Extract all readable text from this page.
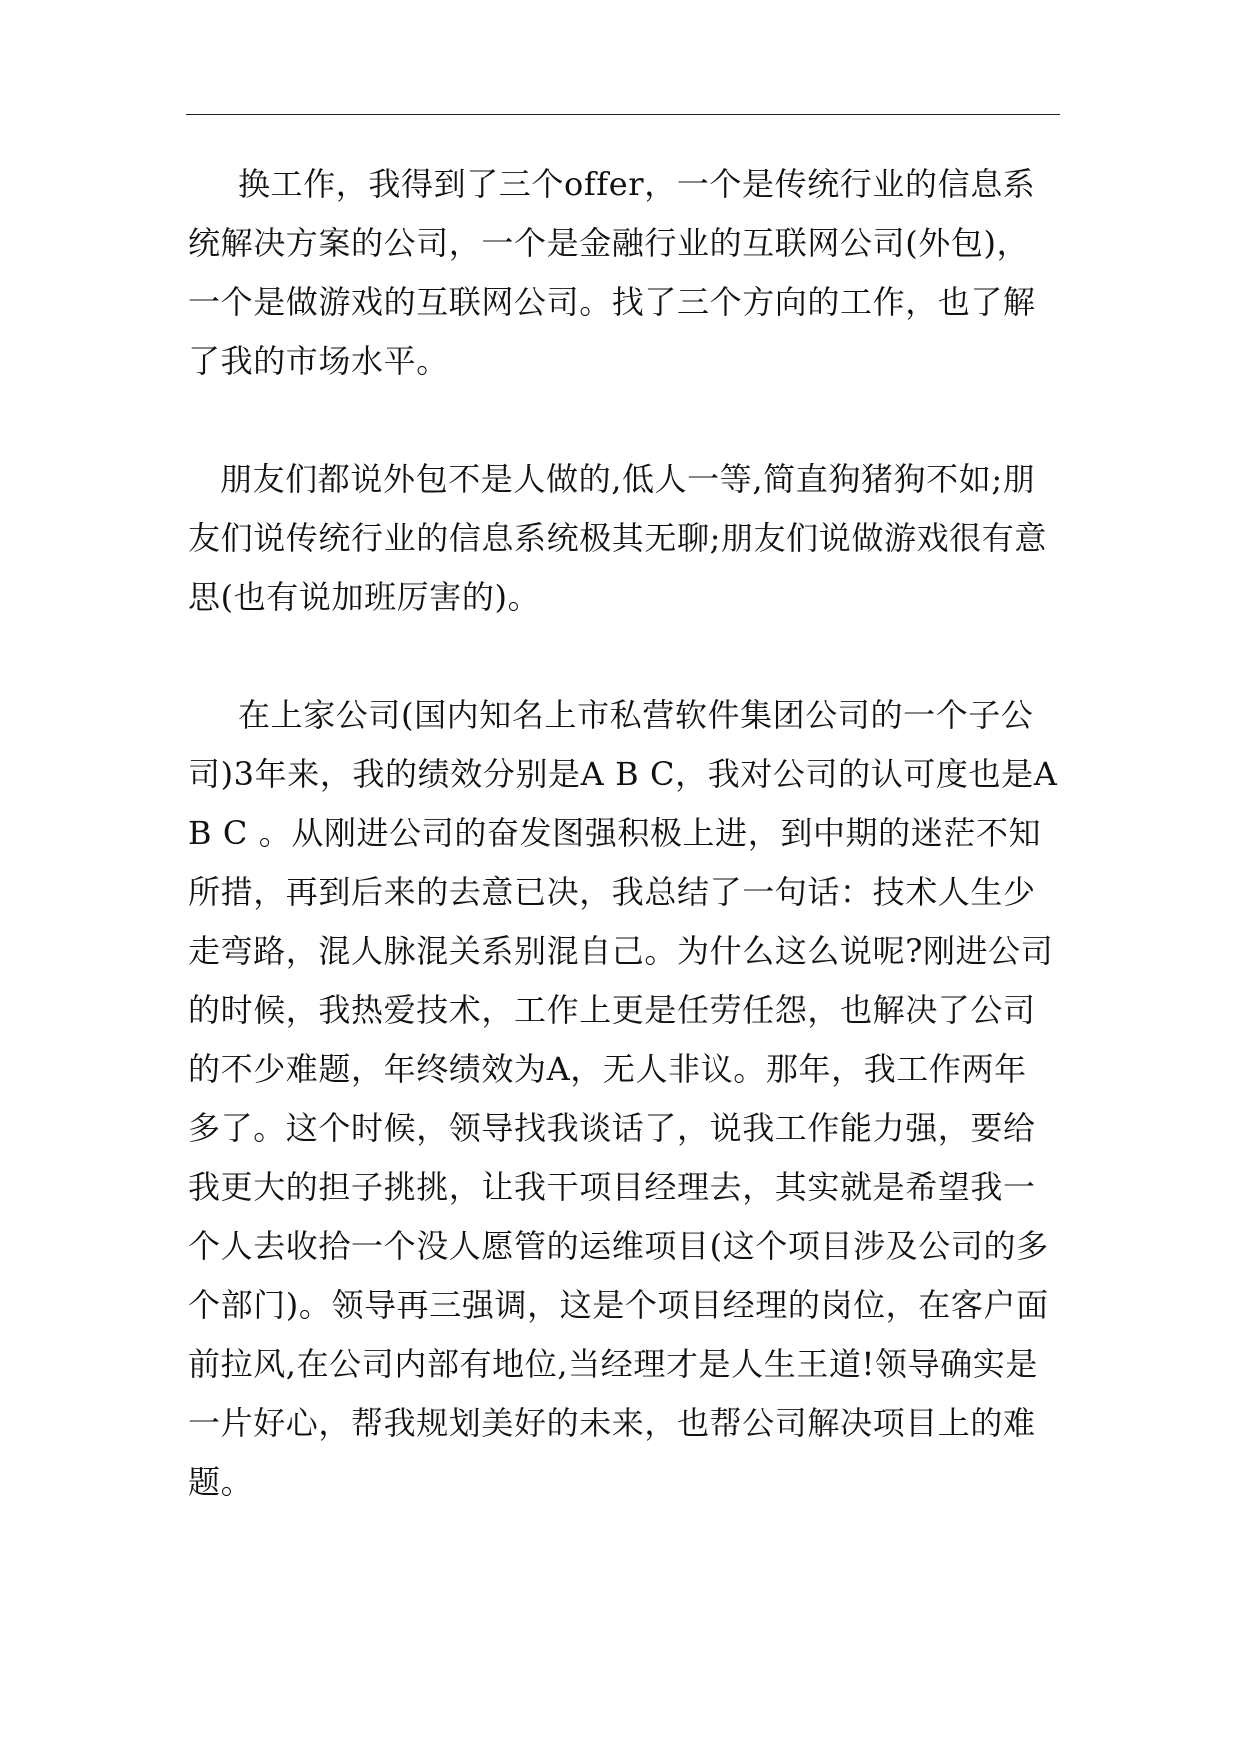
换工作，我得到了三个offer，一个是传统行业的信息系统解决方案的公司，一个是金融行业的互联网公司(外包)，一个是做游戏的互联网公司。找了三个方向的工作，也了解了我的市场水平。

朋友们都说外包不是人做的,低人一等,简直狗猪狗不如;朋友们说传统行业的信息系统极其无聊;朋友们说做游戏很有意思(也有说加班厉害的)。

在上家公司(国内知名上市私营软件集团公司的一个子公司)3年来，我的绩效分别是A B C，我对公司的认可度也是A B C 。从刚进公司的奋发图强积极上进，到中期的迷茫不知所措，再到后来的去意已决，我总结了一句话：技术人生少走弯路，混人脉混关系别混自己。为什么这么说呢?刚进公司的时候，我热爱技术，工作上更是任劳任怨，也解决了公司的不少难题，年终绩效为A，无人非议。那年，我工作两年多了。这个时候，领导找我谈话了，说我工作能力强，要给我更大的担子挑挑，让我干项目经理去，其实就是希望我一个人去收拾一个没人愿管的运维项目(这个项目涉及公司的多个部门)。领导再三强调，这是个项目经理的岗位，在客户面前拉风,在公司内部有地位,当经理才是人生王道!领导确实是一片好心，帮我规划美好的未来，也帮公司解决项目上的难题。
